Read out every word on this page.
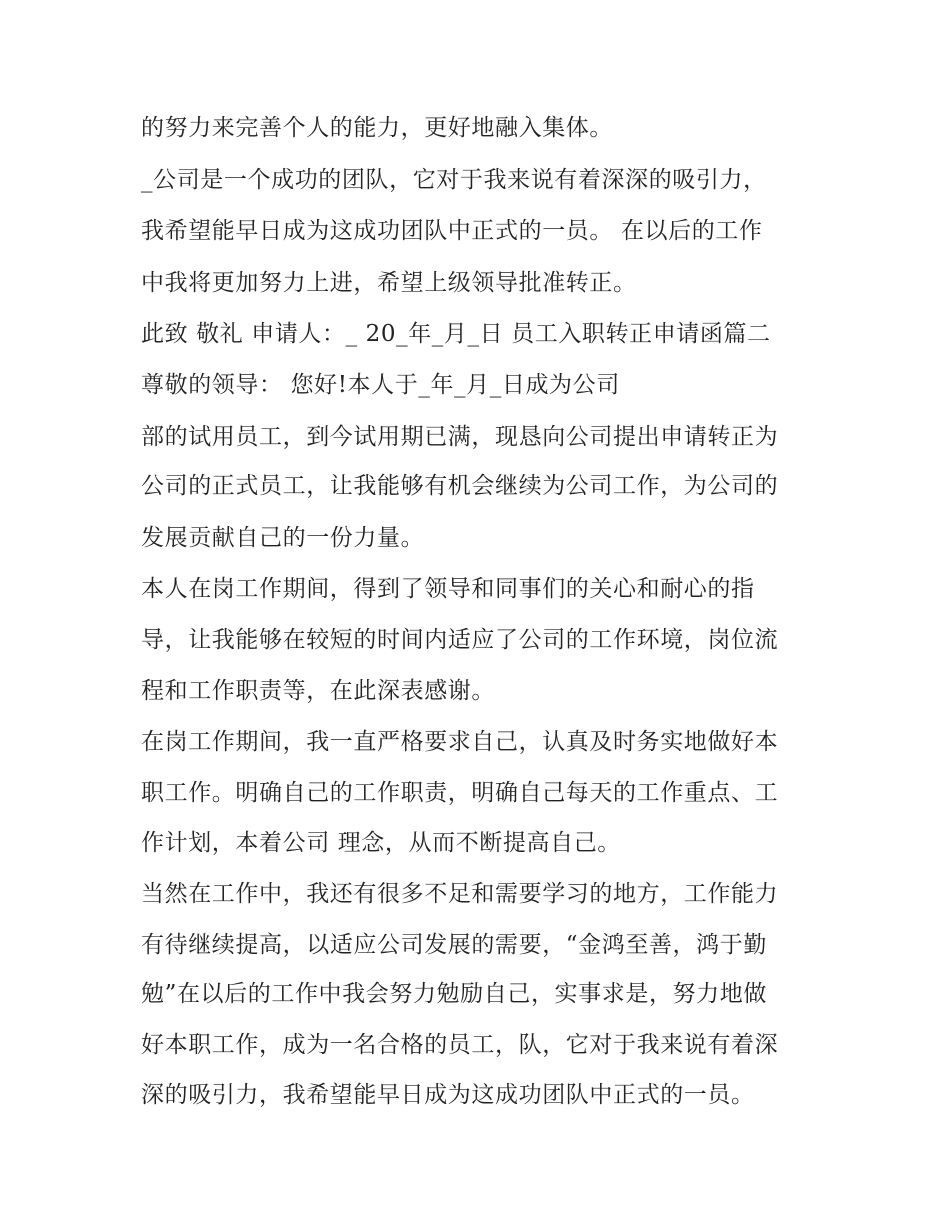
的努力来完善个人的能力，更好地融入集体。
_公司是一个成功的团队，它对于我来说有着深深的吸引力，
我希望能早日成为这成功团队中正式的一员。 在以后的工作
中我将更加努力上进，希望上级领导批准转正。
此致 敬礼 申请人：_ 20_年_月_日 员工入职转正申请函篇二
尊敬的领导： 您好!本人于_年_月_日成为公司
部的试用员工，到今试用期已满，现恳向公司提出申请转正为
公司的正式员工，让我能够有机会继续为公司工作，为公司的
发展贡献自己的一份力量。
本人在岗工作期间，得到了领导和同事们的关心和耐心的指
导，让我能够在较短的时间内适应了公司的工作环境，岗位流
程和工作职责等，在此深表感谢。
在岗工作期间，我一直严格要求自己，认真及时务实地做好本
职工作。明确自己的工作职责，明确自己每天的工作重点、工
作计划，本着公司 理念，从而不断提高自己。
当然在工作中，我还有很多不足和需要学习的地方，工作能力
有待继续提高，以适应公司发展的需要，“金鸿至善，鸿于勤
勉”在以后的工作中我会努力勉励自己，实事求是，努力地做
好本职工作，成为一名合格的员工，队，它对于我来说有着深
深的吸引力，我希望能早日成为这成功团队中正式的一员。
